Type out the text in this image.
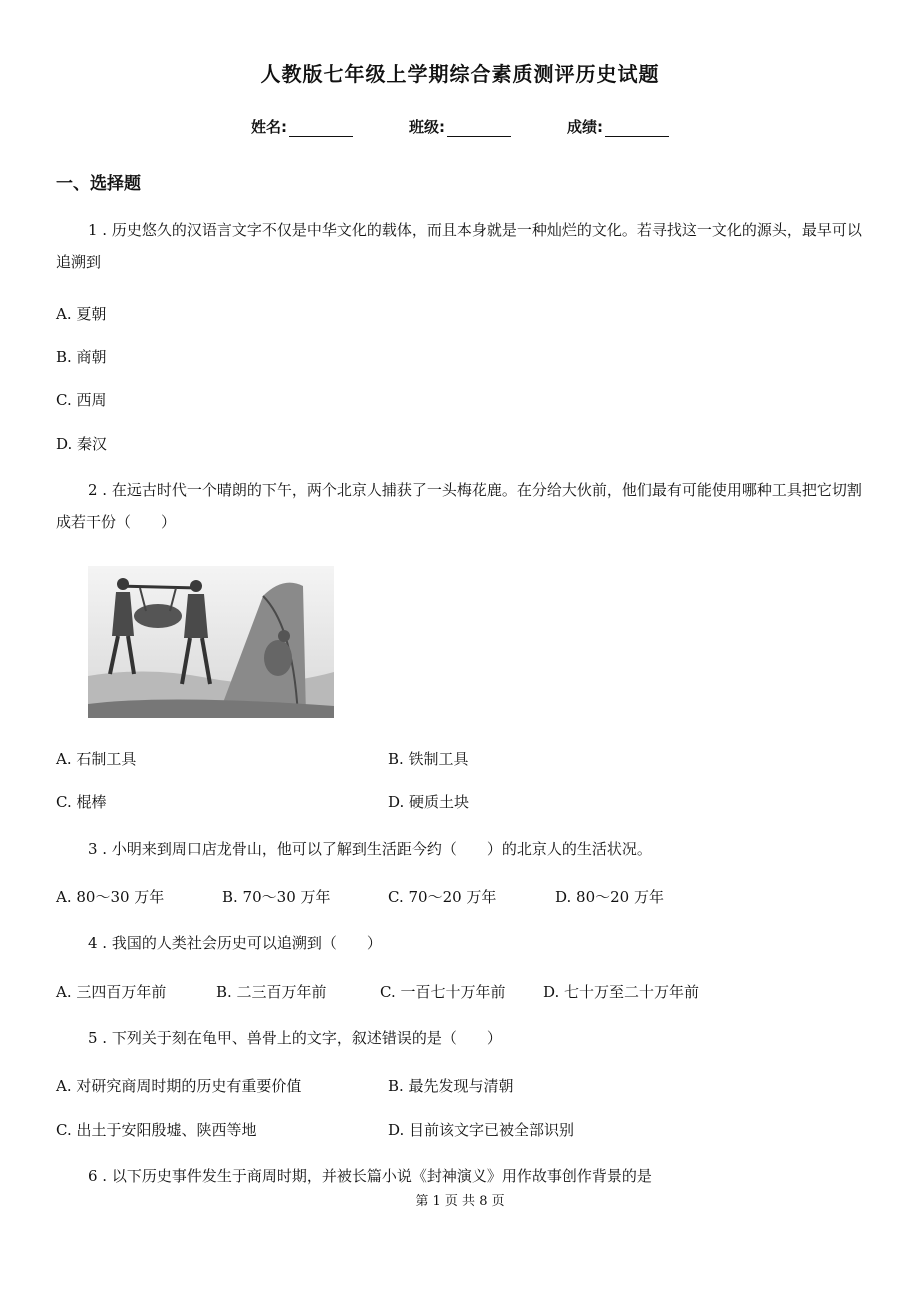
人教版七年级上学期综合素质测评历史试题
姓名:	班级:	成绩:
一、选择题
1 . 历史悠久的汉语言文字不仅是中华文化的载体，而且本身就是一种灿烂的文化。若寻找这一文化的源头，最早可以追溯到
A. 夏朝
B. 商朝
C. 西周
D. 秦汉
2 . 在远古时代一个晴朗的下午，两个北京人捕获了一头梅花鹿。在分给大伙前，他们最有可能使用哪种工具把它切割成若干份（　　）
A. 石制工具	B. 铁制工具
C. 棍棒	D. 硬质土块
3 . 小明来到周口店龙骨山，他可以了解到生活距今约（　　）的北京人的生活状况。
A. 80～30 万年	B. 70～30 万年	C. 70～20 万年	D. 80～20 万年
4 . 我国的人类社会历史可以追溯到（　　）
A. 三四百万年前	B. 二三百万年前	C. 一百七十万年前	D. 七十万至二十万年前
5 . 下列关于刻在龟甲、兽骨上的文字，叙述错误的是（　　）
A. 对研究商周时期的历史有重要价值	B. 最先发现与清朝
C. 出土于安阳殷墟、陕西等地	D. 目前该文字已被全部识别
6 . 以下历史事件发生于商周时期，并被长篇小说《封神演义》用作故事创作背景的是
第 1 页 共 8 页
